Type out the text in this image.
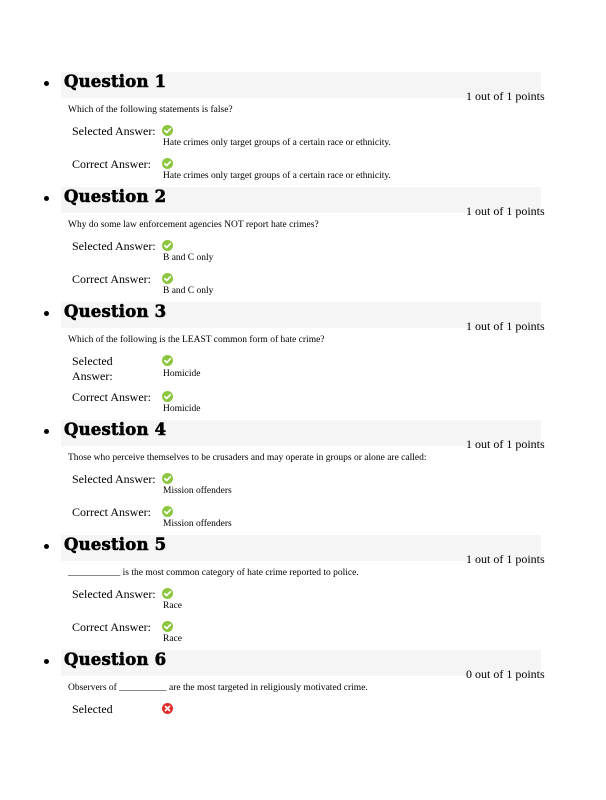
Question 1
1 out of 1 points
Which of the following statements is false?
Selected Answer:
Hate crimes only target groups of a certain race or ethnicity.
Correct Answer:
Hate crimes only target groups of a certain race or ethnicity.
Question 2
1 out of 1 points
Why do some law enforcement agencies NOT report hate crimes?
Selected Answer:
B and C only
Correct Answer:
B and C only
Question 3
1 out of 1 points
Which of the following is the LEAST common form of hate crime?
Selected Answer:	Homicide
Correct Answer:
Homicide
Question 4
1 out of 1 points
Those who perceive themselves to be crusaders and may operate in groups or alone are called:
Selected Answer:
Mission offenders
Correct Answer:
Mission offenders
Question 5
1 out of 1 points
___________ is the most common category of hate crime reported to police.
Selected Answer:
Race
Correct Answer:
Race
Question 6
0 out of 1 points
Observers of __________ are the most targeted in religiously motivated crime.
Selected
